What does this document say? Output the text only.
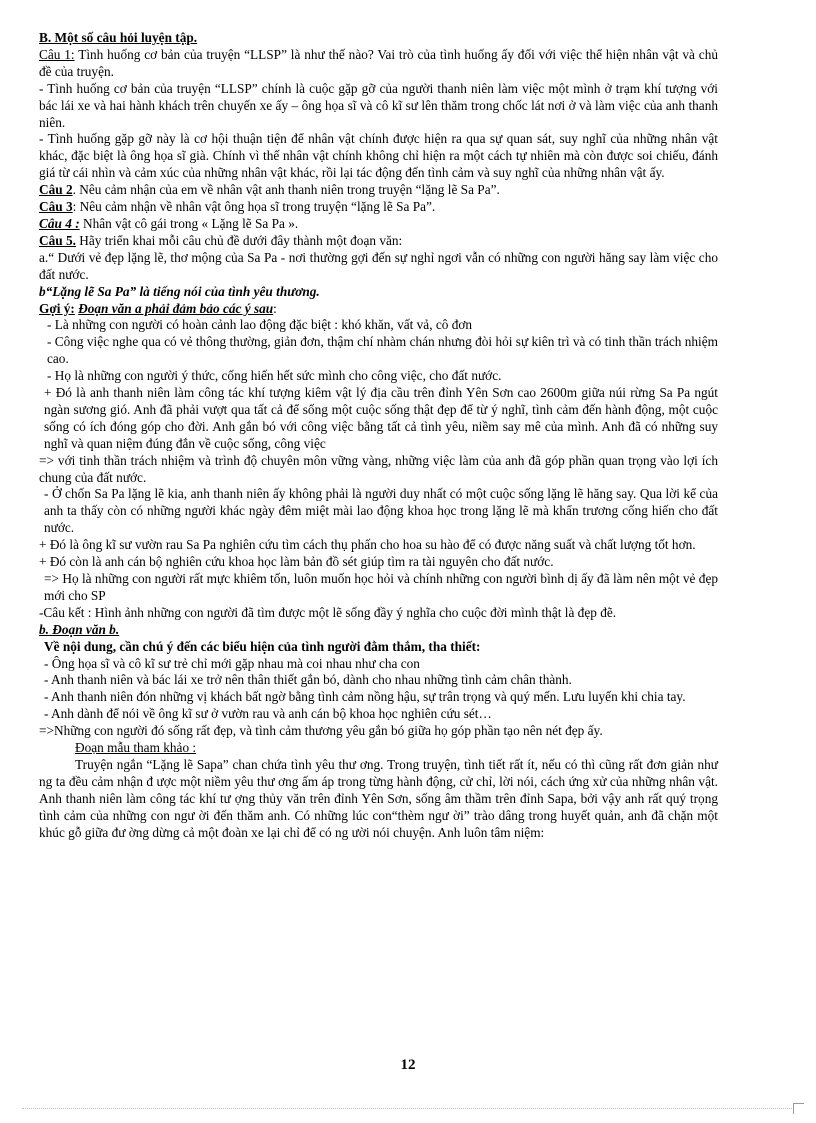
B. Một số câu hỏi luyện tập.

Câu 1: Tình huống cơ bản của truyện “LLSP” là như thế nào? Vai trò của tình huống ấy đối với việc thể hiện nhân vật và chủ đề của truyện.

- Tình huống cơ bản của truyện “LLSP” chính là cuộc gặp gỡ của người thanh niên làm việc một mình ở trạm khí tượng với bác lái xe và hai hành khách trên chuyến xe ấy – ông họa sĩ và cô kĩ sư lên thăm trong chốc lát nơi ở và làm việc của anh thanh niên.

- Tình huống gặp gỡ này là cơ hội thuận tiện để nhân vật chính được hiện ra qua sự quan sát, suy nghĩ của những nhân vật khác, đặc biệt là ông họa sĩ già. Chính vì thế nhân vật chính không chỉ hiện ra một cách tự nhiên mà còn được soi chiếu, đánh giá từ cái nhìn và cảm xúc của những nhân vật khác, rồi lại tác động đến tình cảm và suy nghĩ của những nhân vật ấy.

Câu 2. Nêu cảm nhận của em về nhân vật anh thanh niên trong truyện “lặng lẽ Sa Pa”.

Câu 3: Nêu cảm nhận về nhân vật ông họa sĩ trong truyện “lặng lẽ Sa Pa”.

Câu 4 : Nhân vật cô gái trong « Lặng lẽ Sa Pa ».

Câu 5. Hãy triển khai mỗi câu chủ đề dưới đây thành một đoạn văn:

a.“ Dưới vẻ đẹp lặng lẽ, thơ mộng của Sa Pa - nơi thường gợi đến sự nghỉ ngơi vẫn có những con người hăng say làm việc cho đất nước.

b“Lặng lẽ Sa Pa” là tiếng nói của tình yêu thương.

Gợi ý: Đoạn văn a phải đảm bảo các ý sau:

- Là những con người có hoàn cảnh lao động đặc biệt : khó khăn, vất vả, cô đơn

- Công việc nghe qua có vẻ thông thường, giản đơn, thậm chí nhàm chán nhưng đòi hỏi sự kiên trì và có tinh thần trách nhiệm cao.

- Họ là những con người ý thức, cống hiến hết sức mình cho công việc, cho đất nước.

+ Đó là anh thanh niên làm công tác khí tượng kiêm vật lý địa cầu trên đỉnh Yên Sơn cao 2600m giữa núi rừng Sa Pa ngút ngàn sương gió. Anh đã phải vượt qua tất cả để sống một cuộc sống thật đẹp để từ ý nghĩ, tình cảm đến hành động, một cuộc sống có ích đóng góp cho đời. Anh gắn bó với công việc bằng tất cả tình yêu, niềm say mê của mình. Anh đã có những suy nghĩ và quan niệm đúng đắn về cuộc sống, công việc

=> với tinh thần trách nhiệm và trình độ chuyên môn vững vàng, những việc làm của anh đã góp phần quan trọng vào lợi ích chung của đất nước.

- Ở chốn Sa Pa lặng lẽ kia, anh thanh niên ấy không phải là người duy nhất có một cuộc sống lặng lẽ hăng say. Qua lời kể của anh ta thấy còn có những người khác ngày đêm miệt mài lao động khoa học trong lặng lẽ mà khẩn trương cống hiến cho đất nước.

+ Đó là ông kĩ sư vườn rau Sa Pa nghiên cứu tìm cách thụ phấn cho hoa su hào để có được năng suất và chất lượng tốt hơn.

+ Đó còn là anh cán bộ nghiên cứu khoa học làm bản đồ sét giúp tìm ra tài nguyên cho đất nước.

=> Họ là những con người rất mực khiêm tốn, luôn muốn học hỏi và chính những con người bình dị ấy đã làm nên một vẻ đẹp mới cho SP

-Câu kết : Hình ảnh những con người đã tìm được một lẽ sống đầy ý nghĩa cho cuộc đời mình thật là đẹp đẽ.

b. Đoạn văn b.

Về nội dung, cần chú ý đến các biểu hiện của tình người đằm thắm, tha thiết:

- Ông họa sĩ và cô kĩ sư trẻ chỉ mới gặp nhau mà coi nhau như cha con

- Anh thanh niên và bác lái xe trở nên thân thiết gắn bó, dành cho nhau những tình cảm chân thành.

- Anh thanh niên đón những vị khách bất ngờ bằng tình cảm nồng hậu, sự trân trọng và quý mến. Lưu luyến khi chia tay.

- Anh dành để nói về ông kĩ sư ở vườn rau và anh cán bộ khoa học nghiên cứu sét…

=>Những con người đó sống rất đẹp, và tình cảm thương yêu gắn bó giữa họ góp phần tạo nên nét đẹp ấy.

Đoạn mẫu tham khảo :

Truyện ngắn “Lặng lẽ Sapa” chan chứa tình yêu thư ơng. Trong truyện, tình tiết rất ít, nếu có thì cũng rất đơn giản như ng ta đều cảm nhận đ ược một niềm yêu thư ơng ấm áp trong từng hành động, cử chỉ, lời nói, cách ứng xử của những nhân vật. Anh thanh niên làm công tác khí tư ợng thủy văn trên đỉnh Yên Sơn, sống âm thầm trên đỉnh Sapa, bởi vậy anh rất quý trọng tình cảm của những con ngư ời đến thăm anh. Có những lúc con“thèm ngư ời” trào dâng trong huyết quản, anh đã chặn một khúc gỗ giữa đư ờng dừng cả một đoàn xe lại chỉ để có ng ười nói chuyện. Anh luôn tâm niệm:

12
